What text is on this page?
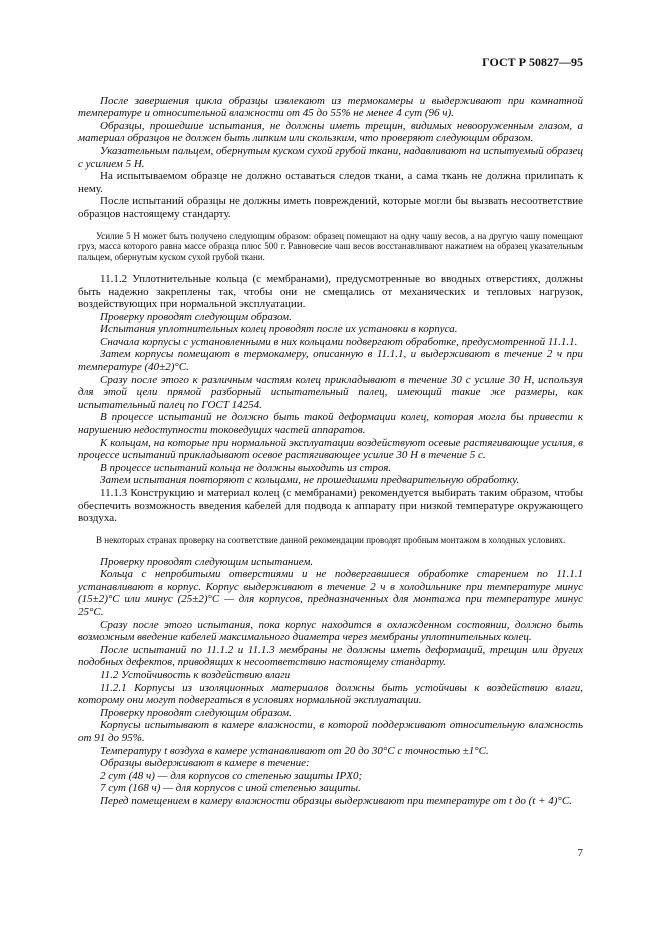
ГОСТ Р 50827—95

После завершения цикла образцы извлекают из термокамеры и выдерживают при комнатной температуре и относительной влажности от 45 до 55% не менее 4 сут (96 ч).

Образцы, прошедшие испытания, не должны иметь трещин, видимых невооруженным глазом, а материал образцов не должен быть липким или скользким, что проверяют следующим образом.

Указательным пальцем, обернутым куском сухой грубой ткани, надавливают на испытуемый образец с усилием 5 Н.

На испытываемом образце не должно оставаться следов ткани, а сама ткань не должна прилипать к нему.

После испытаний образцы не должны иметь повреждений, которые могли бы вызвать несоответствие образцов настоящему стандарту.

Усилие 5 Н может быть получено следующим образом: образец помещают на одну чашу весов, а на другую чашу помещают груз, масса которого равна массе образца плюс 500 г. Равновесие чаш весов восстанавливают нажатием на образец указательным пальцем, обернутым куском сухой грубой ткани.

11.1.2 Уплотнительные кольца (с мембранами), предусмотренные во вводных отверстиях, должны быть надежно закреплены так, чтобы они не смещались от механических и тепловых нагрузок, воздействующих при нормальной эксплуатации.

Проверку проводят следующим образом.

Испытания уплотнительных колец проводят после их установки в корпуса.

Сначала корпусы с установленными в них кольцами подвергают обработке, предусмотренной 11.1.1.

Затем корпусы помещают в термокамеру, описанную в 11.1.1, и выдерживают в течение 2 ч при температуре (40±2)°С.

Сразу после этого к различным частям колец прикладывают в течение 30 с усилие 30 Н, используя для этой цели прямой разборный испытательный палец, имеющий такие же размеры, как испытательный палец по ГОСТ 14254.

В процессе испытаний не должно быть такой деформации колец, которая могла бы привести к нарушению недоступности токоведущих частей аппаратов.

К кольцам, на которые при нормальной эксплуатации воздействуют осевые растягивающие усилия, в процессе испытаний прикладывают осевое растягивающее усилие 30 Н в течение 5 с.

В процессе испытаний кольца не должны выходить из строя.

Затем испытания повторяют с кольцами, не прошедшими предварительную обработку.

11.1.3 Конструкцию и материал колец (с мембранами) рекомендуется выбирать таким образом, чтобы обеспечить возможность введения кабелей для подвода к аппарату при низкой температуре окружающего воздуха.

В некоторых странах проверку на соответствие данной рекомендации проводят пробным монтажом в холодных условиях.

Проверку проводят следующим испытанием.

Кольца с непробитыми отверстиями и не подвергавшиеся обработке старением по 11.1.1 устанавливают в корпус. Корпус выдерживают в течение 2 ч в холодильнике при температуре минус (15±2)°С или минус (25±2)°С — для корпусов, предназначенных для монтажа при температуре минус 25°С.

Сразу после этого испытания, пока корпус находится в охлажденном состоянии, должно быть возможным введение кабелей максимального диаметра через мембраны уплотнительных колец.

После испытаний по 11.1.2 и 11.1.3 мембраны не должны иметь деформаций, трещин или других подобных дефектов, приводящих к несоответствию настоящему стандарту.

11.2 Устойчивость к воздействию влаги

11.2.1 Корпусы из изоляционных материалов должны быть устойчивы к воздействию влаги, которому они могут подвергаться в условиях нормальной эксплуатации.

Проверку проводят следующим образом.

Корпусы испытывают в камере влажности, в которой поддерживают относительную влажность от 91 до 95%.

Температуру t воздуха в камере устанавливают от 20 до 30°С с точностью ±1°С.

Образцы выдерживают в камере в течение:

2 сут (48 ч) — для корпусов со степенью защиты IPX0;

7 сут (168 ч) — для корпусов с иной степенью защиты.

Перед помещением в камеру влажности образцы выдерживают при температуре от t до (t + 4)°С.

7
